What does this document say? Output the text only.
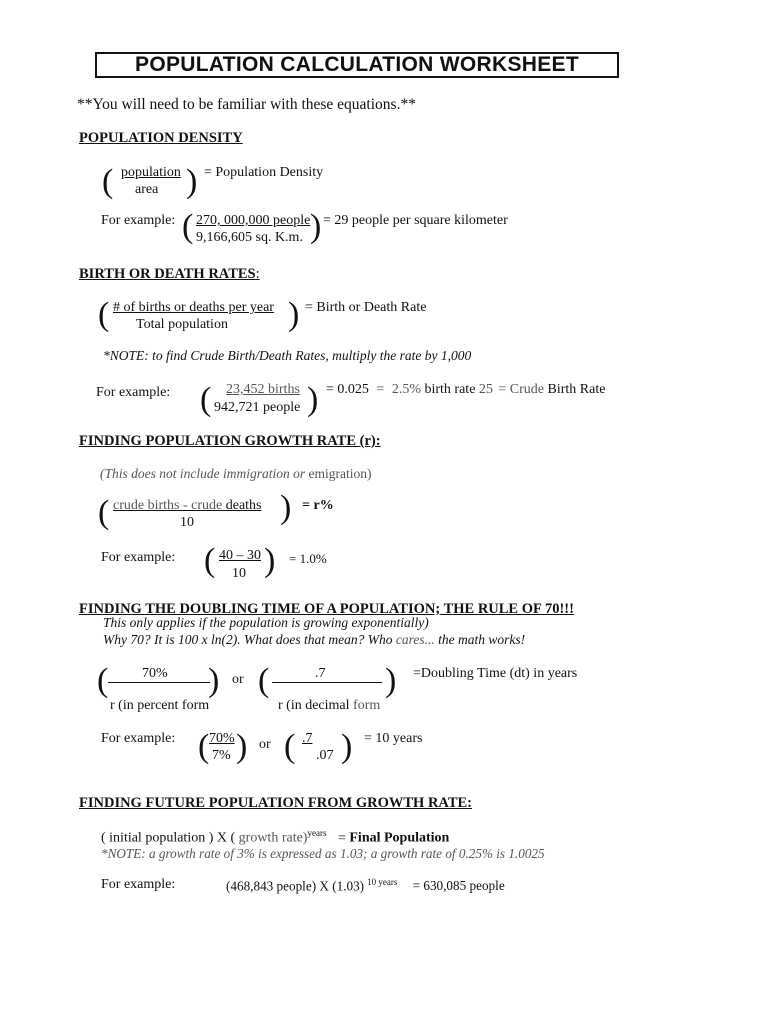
POPULATION CALCULATION WORKSHEET
**You will need to be familiar with these equations.**
POPULATION DENSITY
( population
area ) = Population Density
For example: ( 270, 000,000 people
9,166,605 sq. K.m. ) = 29 people per square kilometer
BIRTH OR DEATH RATES:
( # of births or deaths per year
Total population ) = Birth or Death Rate
*NOTE: to find Crude Birth/Death Rates, multiply the rate by 1,000
For example: ( 23,452 births
942,721 people ) = 0.025 = 2.5% birth rate 25 = Crude Birth Rate
FINDING POPULATION GROWTH RATE (r):
(This does not include immigration or emigration)
( crude births - crude deaths
10	) = r%
For example: ( 40 – 30
10 ) = 1.0%
FINDING THE DOUBLING TIME OF A POPULATION; THE RULE OF 70!!!
This only applies if the population is growing exponentially)
Why 70? It is 100 x ln(2). What does that mean? Who cares... the math works!
( 70%
r (in percent form
) or (	.7
r (in decimal form
) =Doubling Time (dt) in years
For example: ( 70%
7% ) or ( .7
.07 ) = 10 years
FINDING FUTURE POPULATION FROM GROWTH RATE:
( initial population ) X ( growth rate)$^{years}$ = Final Population
*NOTE: a growth rate of 3% is expressed as 1.03; a growth rate of 0.25% is 1.0025
For example:	(468,843 people) X (1.03) $^{10 years}$ = 630,085 people
